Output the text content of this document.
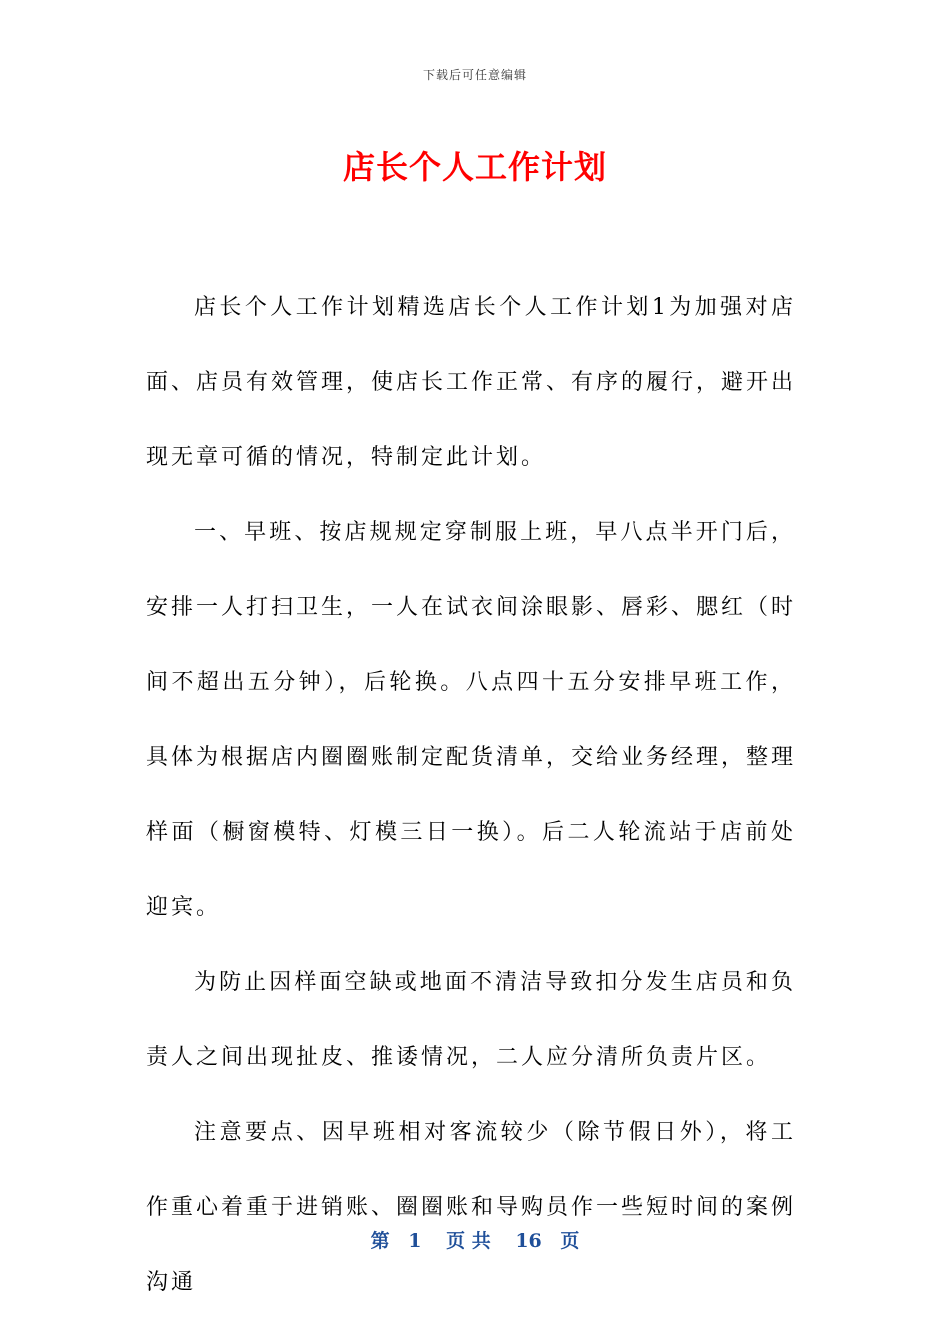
下载后可任意编辑
店长个人工作计划

店长个人工作计划精选店长个人工作计划1为加强对店面、店员有效管理，使店长工作正常、有序的履行，避开出现无章可循的情况，特制定此计划。

一、早班、按店规规定穿制服上班，早八点半开门后，安排一人打扫卫生，一人在试衣间涂眼影、唇彩、腮红（时间不超出五分钟），后轮换。八点四十五分安排早班工作，具体为根据店内圈圈账制定配货清单，交给业务经理，整理样面（橱窗模特、灯模三日一换）。后二人轮流站于店前处迎宾。

为防止因样面空缺或地面不清洁导致扣分发生店员和负责人之间出现扯皮、推诿情况，二人应分清所负责片区。

注意要点、因早班相对客流较少（除节假日外），将工作重心着重于进销账、圈圈账和导购员作一些短时间的案例沟通

第 1 页 共 16 页
